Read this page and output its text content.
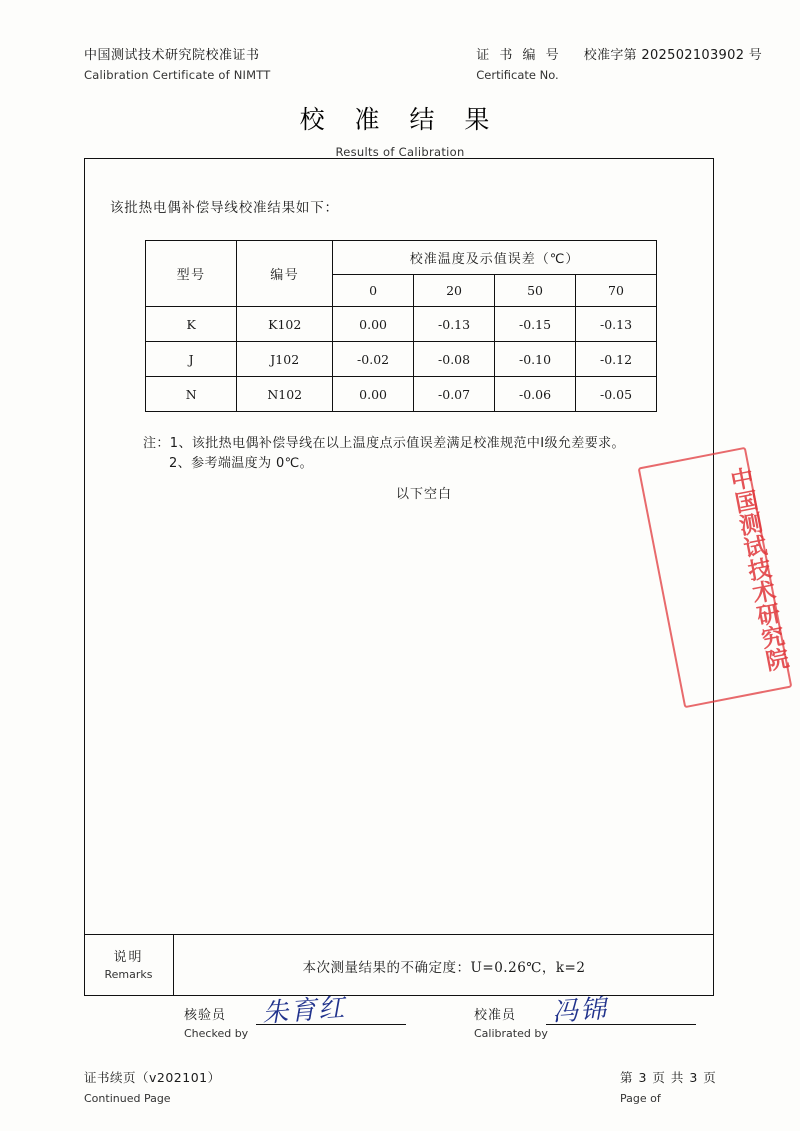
中国测试技术研究院校准证书
Calibration Certificate of NIMTT
证 书 编 号 校准字第 202502103902 号
Certificate No.
校 准 结 果
Results of Calibration
该批热电偶补偿导线校准结果如下：
型号	编号	校准温度及示值误差（℃）			
		0	20	50	70
K	K102	0.00	-0.13	-0.15	-0.13
J	J102	-0.02	-0.08	-0.10	-0.12
N	N102	0.00	-0.07	-0.06	-0.05
注：1、该批热电偶补偿导线在以上温度点示值误差满足校准规范中Ⅰ级允差要求。
2、参考端温度为 0℃。
以下空白	中国测试技术研究院
说明
Remarks	本次测量结果的不确定度：U=0.26℃，k=2
核验员
Checked by
朱育红	校准员
Calibrated by
冯锦
证书续页（v202101）
Continued Page
第 3 页 共 3 页
Page of
